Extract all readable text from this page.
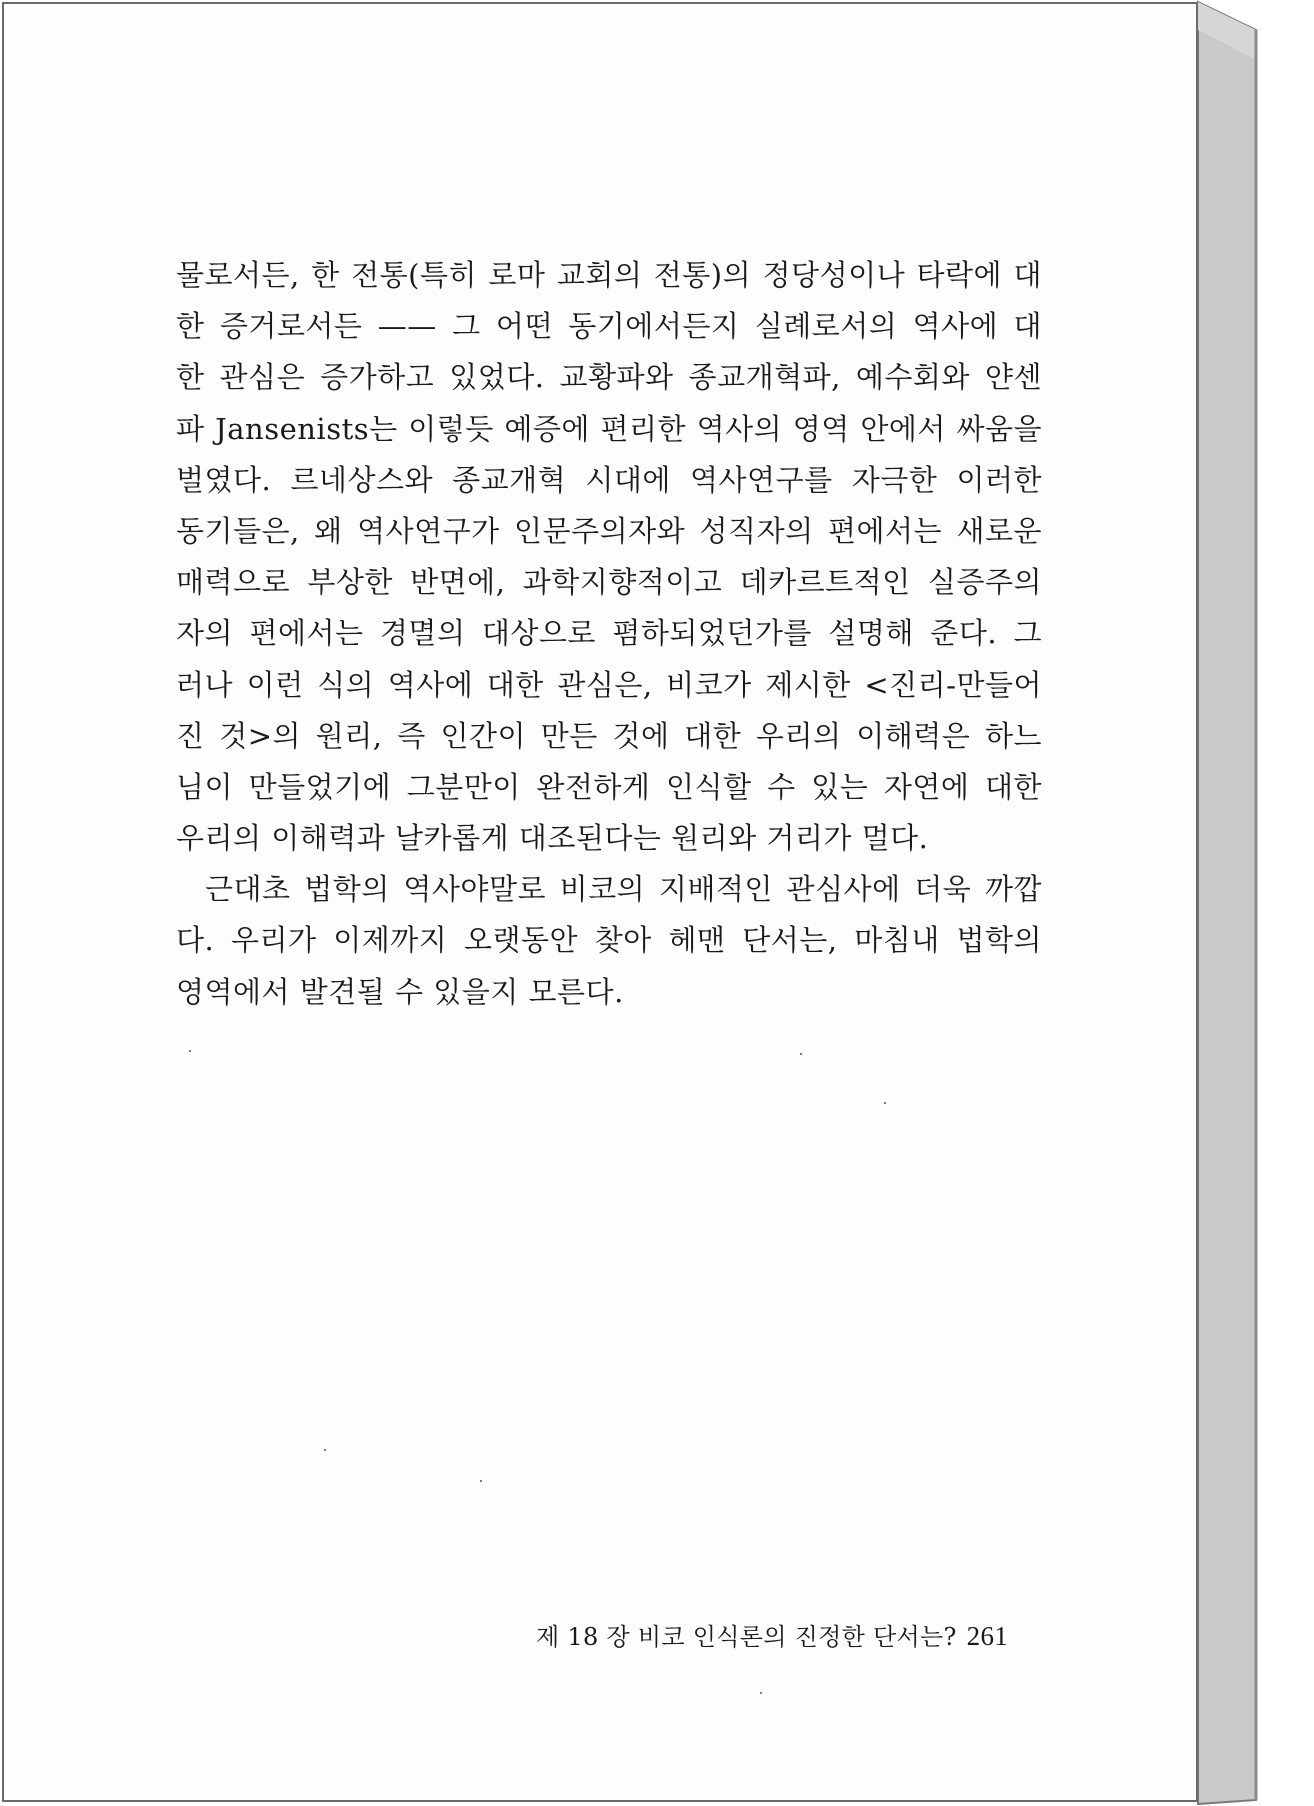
물로서든, 한 전통(특히 로마 교회의 전통)의 정당성이나 타락에 대
한 증거로서든 —— 그 어떤 동기에서든지 실례로서의 역사에 대
한 관심은 증가하고 있었다. 교황파와 종교개혁파, 예수회와 얀센
파 Jansenists는 이렇듯 예증에 편리한 역사의 영역 안에서 싸움을
벌였다. 르네상스와 종교개혁 시대에 역사연구를 자극한 이러한
동기들은, 왜 역사연구가 인문주의자와 성직자의 편에서는 새로운
매력으로 부상한 반면에, 과학지향적이고 데카르트적인 실증주의
자의 편에서는 경멸의 대상으로 폄하되었던가를 설명해 준다. 그
러나 이런 식의 역사에 대한 관심은, 비코가 제시한 <진리-만들어
진 것>의 원리, 즉 인간이 만든 것에 대한 우리의 이해력은 하느
님이 만들었기에 그분만이 완전하게 인식할 수 있는 자연에 대한
우리의 이해력과 날카롭게 대조된다는 원리와 거리가 멀다.
근대초 법학의 역사야말로 비코의 지배적인 관심사에 더욱 까깝
다. 우리가 이제까지 오랫동안 찾아 헤맨 단서는, 마침내 법학의
영역에서 발견될 수 있을지 모른다.
제 18 장 비코 인식론의 진정한 단서는? 261
